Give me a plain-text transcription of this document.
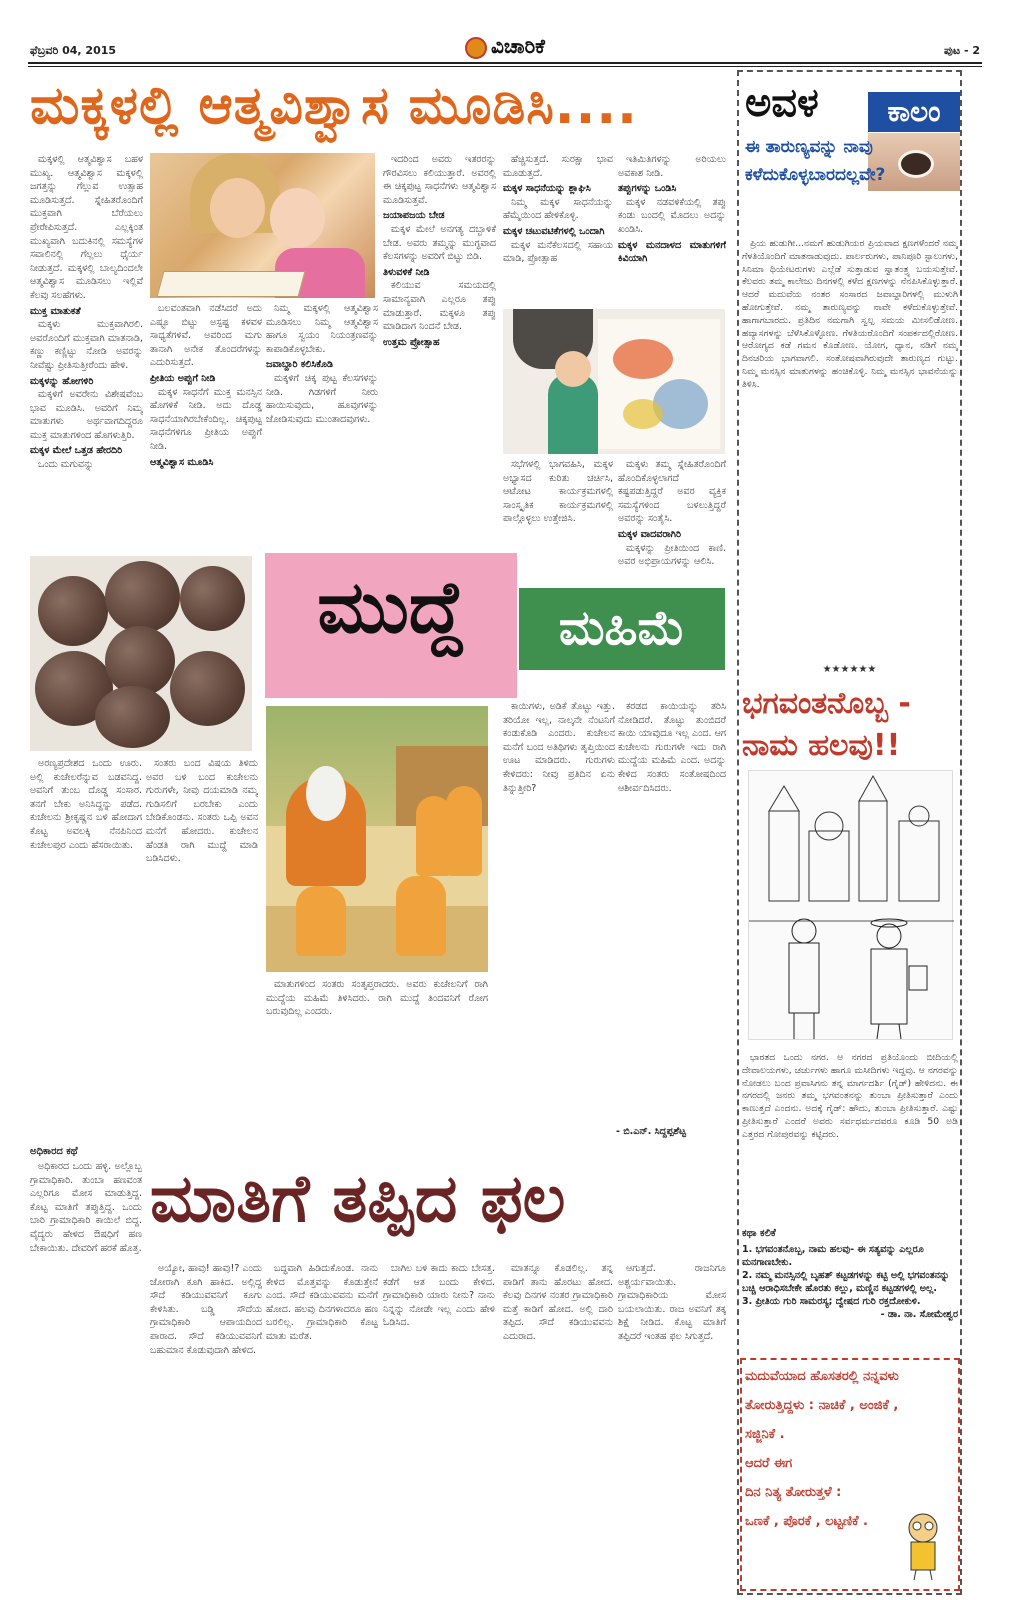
ಫೆಬ್ರವರಿ 04, 2015	ವಿಚಾರಿಕೆ	ಪುಟ - 2
ಮಕ್ಕಳಲ್ಲಿ ಆತ್ಮವಿಶ್ವಾಸ ಮೂಡಿಸಿ....

ಮಕ್ಕಳಲ್ಲಿ ಆತ್ಮವಿಶ್ವಾಸ ಬಹಳ ಮುಖ್ಯ. ಆತ್ಮವಿಶ್ವಾಸ ಮಕ್ಕಳಲ್ಲಿ ಜಗತ್ತನ್ನು ಗೆಲ್ಲುವ ಉತ್ಸಾಹ ಮೂಡಿಸುತ್ತದೆ. ಸ್ನೇಹಿತರೊಂದಿಗೆ ಮುಕ್ತವಾಗಿ ಬೆರೆಯಲು ಪ್ರೇರೇಪಿಸುತ್ತದೆ. ಎಲ್ಲಕ್ಕಿಂತ ಮುಖ್ಯವಾಗಿ ಬದುಕಿನಲ್ಲಿ ಸಮಸ್ಯೆಗಳ ಸವಾಲಿನಲ್ಲಿ ಗೆಲ್ಲಲು ಧೈರ್ಯ ನೀಡುತ್ತದೆ. ಮಕ್ಕಳಲ್ಲಿ ಬಾಲ್ಯದಿಂದಲೇ ಆತ್ಮವಿಶ್ವಾಸ ಮೂಡಿಸಲು ಇಲ್ಲಿವೆ ಕೆಲವು ಸಲಹೆಗಳು.

ಮುಕ್ತ ಮಾತುಕತೆ

ಮಕ್ಕಳು ಮುಕ್ತವಾಗಿರಲಿ. ಅವರೊಂದಿಗೆ ಮುಕ್ತವಾಗಿ ಮಾತನಾಡಿ, ಕಣ್ಣು ಕಣ್ಣಿಟ್ಟು ನೋಡಿ ಅವರನ್ನು ನೀವೆಷ್ಟು ಪ್ರೀತಿಸುತ್ತೀರೆಂದು ಹೇಳಿ.

ಮಕ್ಕಳನ್ನು ಹೋಗಳಿರಿ

ಮಕ್ಕಳಿಗೆ ಅವರೇನು ವಿಶೇಷವೆಂಬ ಭಾವ ಮೂಡಿಸಿ. ಅವರಿಗೆ ನಿಮ್ಮ ಮಾತುಗಳು ಅರ್ಥವಾಗದಿದ್ದರೂ ಮುಕ್ತ ಮಾತುಗಳಿಂದ ಹೊಗಳುತ್ತಿರಿ.

ಮಕ್ಕಳ ಮೇಲೆ ಒತ್ತಡ ಹೇರದಿರಿ

ಒಂದು ಮಗುವನ್ನು

ಬಲವಂತವಾಗಿ ನಡೆಸಿದರೆ ಅದು ಎಷ್ಟೂ ಬಿಟ್ಟು ಅಸ್ಪಷ್ಟ ಕಳವಳ ಸಾಧ್ಯತೆಗಳಿವೆ. ಅವರಿಂದ ಮಗು ತಾನಾಗಿ ಅನೇಕ ತೊಂದರೆಗಳನ್ನು ಎದುರಿಸುತ್ತದೆ.

ಪ್ರೀತಿಯ ಅಪ್ಪುಗೆ ನೀಡಿ

ಮಕ್ಕಳ ಸಾಧನೆಗೆ ಮುಕ್ತ ಮನಸ್ಸಿನ ಹೊಗಳಿಕೆ ನೀಡಿ. ಅದು ದೊಡ್ಡ ಸಾಧನೆಯಾಗಿರಬೇಕೆಂದಿಲ್ಲ. ಚಿಕ್ಕಪುಟ್ಟ ಸಾಧನೆಗಳಿಗೂ ಪ್ರೀತಿಯ ಅಪ್ಪುಗೆ ನೀಡಿ.

ಆತ್ಮವಿಶ್ವಾಸ ಮೂಡಿಸಿ

ನಿಮ್ಮ ಮಕ್ಕಳಲ್ಲಿ ಆತ್ಮವಿಶ್ವಾಸ ಮೂಡಿಸಲು ನಿಮ್ಮ ಆತ್ಮವಿಶ್ವಾಸ ಹಾಗೂ ಸ್ವಯಂ ನಿಯಂತ್ರಣವನ್ನು ಕಾಪಾಡಿಕೊಳ್ಳಬೇಕು.

ಜವಾಬ್ದಾರಿ ಕಲಿಸಿಕೊಡಿ

ಮಕ್ಕಳಿಗೆ ಚಿಕ್ಕ ಪುಟ್ಟ ಕೆಲಸಗಳನ್ನು ನೀಡಿ. ಗಿಡಗಳಿಗೆ ನೀರು ಹಾಯಿಸುವುದು, ಹೂವುಗಳನ್ನು ಜೋಡಿಸುವುದು ಮುಂತಾದವುಗಳು.

ಇದರಿಂದ ಅವರು ಇತರರನ್ನು ಗೌರವಿಸಲು ಕಲಿಯುತ್ತಾರೆ. ಅವರಲ್ಲಿ ಈ ಚಿಕ್ಕಪುಟ್ಟ ಸಾಧನೆಗಳು ಆತ್ಮವಿಶ್ವಾಸ ಮೂಡಿಸುತ್ತವೆ.

ಜಯಾಪಜಯ ಬೇಡ

ಮಕ್ಕಳ ಮೇಲೆ ಅನಗತ್ಯ ದಬ್ಬಾಳಿಕೆ ಬೇಡ. ಅವರು ತಮ್ಮನ್ನು ಮುಗ್ಧವಾದ ಕೆಲಸಗಳನ್ನು ಅವರಿಗೆ ಬಿಟ್ಟು ಬಿಡಿ.

ತಿಳುವಳಿಕೆ ನೀಡಿ

ಕಲಿಯುವ ಸಮಯದಲ್ಲಿ ಸಾಮಾನ್ಯವಾಗಿ ಎಲ್ಲರೂ ತಪ್ಪು ಮಾಡುತ್ತಾರೆ. ಮಕ್ಕಳೂ ತಪ್ಪು ಮಾಡಿದಾಗ ನಿಂದನೆ ಬೇಡ.

ಉತ್ತಮ ಪ್ರೋತ್ಸಾಹ

ಹೆಚ್ಚಿಸುತ್ತದೆ. ಸುರಕ್ಷಾ ಭಾವ ಮೂಡುತ್ತದೆ.

ಮಕ್ಕಳ ಸಾಧನೆಯನ್ನು ಶ್ಲಾಘಿಸಿ

ನಿಮ್ಮ ಮಕ್ಕಳ ಸಾಧನೆಯನ್ನು ಹೆಮ್ಮೆಯಿಂದ ಹೇಳಿಕೊಳ್ಳಿ.

ಮಕ್ಕಳ ಚಟುವಟಿಕೆಗಳಲ್ಲಿ ಒಂದಾಗಿ

ಮಕ್ಕಳ ಮನೆಕೆಲಸದಲ್ಲಿ ಸಹಾಯ ಮಾಡಿ, ಪ್ರೋತ್ಸಾಹ

ಸಭೆಗಳಲ್ಲಿ ಭಾಗವಹಿಸಿ, ಮಕ್ಕಳ ಅಭ್ಯಾಸದ ಕುರಿತು ಚರ್ಚಿಸಿ, ಆಟೋಟ ಕಾರ್ಯಕ್ರಮಗಳಲ್ಲಿ ಸಾಂಸ್ಕೃತಿಕ ಕಾರ್ಯಕ್ರಮಗಳಲ್ಲಿ ಪಾಲ್ಗೊಳ್ಳಲು ಉತ್ತೇಜಿಸಿ.

ಇತಿಮಿತಿಗಳನ್ನು ಅರಿಯಲು ಅವಕಾಶ ನೀಡಿ.

ತಪ್ಪುಗಳನ್ನು ಒಂಡಿಸಿ

ಮಕ್ಕಳ ನಡವಳಿಕೆಯಲ್ಲಿ ತಪ್ಪು ಕಂಡು ಬಂದಲ್ಲಿ ಮೊದಲು ಅದನ್ನು ಖಂಡಿಸಿ.

ಮಕ್ಕಳ ಮನದಾಳದ ಮಾತುಗಳಿಗೆ ಕಿವಿಯಾಗಿ

ಮಕ್ಕಳು ತಮ್ಮ ಸ್ನೇಹಿತರೊಂದಿಗೆ ಹೊಂದಿಕೊಳ್ಳಲಾಗದೆ ಕಷ್ಟಪಡುತ್ತಿದ್ದರೆ ಅವರ ವ್ಯಕ್ತಿಕ ಸಮಸ್ಯೆಗಳಿಂದ ಬಳಲುತ್ತಿದ್ದರೆ ಅವರನ್ನು ಸಂತೈಸಿ.

ಮಕ್ಕಳ ವಾದವರಾಗಿರಿ

ಮಕ್ಕಳನ್ನು ಪ್ರೀತಿಯಿಂದ ಕಾಣಿ. ಅವರ ಅಭಿಪ್ರಾಯಗಳನ್ನು ಆಲಿಸಿ.

ಮುದ್ದೆ	ಮಹಿಮೆ

ಅರಣ್ಯಪ್ರದೇಶದ ಒಂದು ಊರು. ಅಲ್ಲಿ ಕುಚೇಲರೆನ್ನುವ ಬಡವನಿದ್ದ. ಅವನಿಗೆ ತುಂಬ ದೊಡ್ಡ ಸಂಸಾರ. ತನಗೆ ಬೇಕು ಅನಿಸಿದ್ದನ್ನು ಪಡೆದ. ಕುಚೇಲನು ಶ್ರೀಕೃಷ್ಣನ ಬಳಿ ಹೋದಾಗ ಕೊಟ್ಟ ಅವಲಕ್ಕಿ ನೆನಪಿನಿಂದ ಕುಚೇಲಪುರ ಎಂದು ಹೆಸರಾಯಿತು.

ಸಂತರು ಬಂದ ವಿಷಯ ತಿಳಿದು ಅವರ ಬಳಿ ಬಂದ ಕುಚೇಲನು ಗುರುಗಳೇ, ನೀವು ದಯಮಾಡಿ ನಮ್ಮ ಗುಡಿಸಲಿಗೆ ಬರಬೇಕು ಎಂದು ಬೇಡಿಕೊಂಡನು. ಸಂತರು ಒಪ್ಪಿ ಅವನ ಮನೆಗೆ ಹೋದರು. ಕುಚೇಲನ ಹೆಂಡತಿ ರಾಗಿ ಮುದ್ದೆ ಮಾಡಿ ಬಡಿಸಿದಳು.

ಮಾತುಗಳಿಂದ ಸಂತರು ಸಂತೃಪ್ತರಾದರು. ಅವರು ಕುಚೇಲನಿಗೆ ರಾಗಿ ಮುದ್ದೆಯ ಮಹಿಮೆ ತಿಳಿಸಿದರು. ರಾಗಿ ಮುದ್ದೆ ತಿಂದವನಿಗೆ ರೋಗ ಬರುವುದಿಲ್ಲ ಎಂದರು.

ಕಾಯಿಗಳು, ಅಡಿಕೆ ತೊಟ್ಟು ಇತ್ತು. ತರಿಯೋ ಇಲ್ಲ, ನಾಲ್ಕನೇ ನೆಂಟನಿಗೆ ಕಂಡುಕೊಡಿ ಎಂದರು. ಕುಚೇಲನ ಮನೆಗೆ ಬಂದ ಅತಿಥಿಗಳು ತೃಪ್ತಿಯಿಂದ ಊಟ ಮಾಡಿದರು. ಗುರುಗಳು ಕೇಳಿದರು: ನೀವು ಪ್ರತಿದಿನ ಏನು ತಿನ್ನುತ್ತೀರಿ?

ಕರಡದ ಕಾಯಿಯನ್ನು ತರಿಸಿ ನೋಡಿದರೆ. ತೊಟ್ಟು ತುಂಬಿದರೆ ಕಾಯಿ ಯಾವುದೂ ಇಲ್ಲ ಎಂದ. ಆಗ ಕುಚೇಲನು ಗುರುಗಳೇ ಇದು ರಾಗಿ ಮುದ್ದೆಯ ಮಹಿಮೆ ಎಂದ. ಅದನ್ನು ಕೇಳಿದ ಸಂತರು ಸಂತೋಷದಿಂದ ಆಶೀರ್ವದಿಸಿದರು.

- ಬಿ.ಎನ್. ಸಿದ್ದಪ್ಪಶೆಟ್ಟ
ಅಧಿಕಾರದ ಕಥೆ
ಮಾತಿಗೆ ತಪ್ಪಿದ ಫಲ

ಅಧಿಕಾರದ ಒಂದು ಹಳ್ಳಿ. ಅಲ್ಲೊಬ್ಬ ಗ್ರಾಮಾಧಿಕಾರಿ. ತುಂಬಾ ಹಣವಂತ ಎಲ್ಲರಿಗೂ ಮೋಸ ಮಾಡುತ್ತಿದ್ದ. ಕೊಟ್ಟ ಮಾತಿಗೆ ತಪ್ಪುತ್ತಿದ್ದ. ಒಂದು ಬಾರಿ ಗ್ರಾಮಾಧಿಕಾರಿ ಕಾಯಿಲೆ ಬಿದ್ದ. ವೈದ್ಯರು ಹೇಳಿದ ಔಷಧಿಗೆ ಹಣ ಬೇಕಾಯಿತು. ದೇವರಿಗೆ ಹರಕೆ ಹೊತ್ತ.

ಅಯ್ಯೋ, ಹಾವು! ಹಾವು!? ಎಂದು ಜೋರಾಗಿ ಕೂಗಿ ಹಾಕಿದ. ಅಲ್ಲಿದ್ದ ಸೌದೆ ಕಡಿಯುವವನಿಗೆ ಕೂಗು ಕೇಳಿಸಿತು. ಬಡ್ಡಿ ಸೌದೆಯ ಗ್ರಾಮಾಧಿಕಾರಿ ಆಪಾಯದಿಂದ ಪಾರಾದ. ಸೌದೆ ಕಡಿಯುವವನಿಗೆ ಬಹುಮಾನ ಕೊಡುವುದಾಗಿ ಹೇಳಿದ.

ಬದ್ಧವಾಗಿ ಹಿಡಿದುಕೊಂಡ. ನಾನು ಕೇಳಿದ ಮೊತ್ತವನ್ನು ಕೊಡುತ್ತೇನೆ ಎಂದ. ಸೌದೆ ಕಡಿಯುವವನು ಮನೆಗೆ ಹೋದ. ಹಲವು ದಿನಗಳಾದರೂ ಹಣ ಬರಲಿಲ್ಲ. ಗ್ರಾಮಾಧಿಕಾರಿ ಕೊಟ್ಟ ಮಾತು ಮರೆತ.

ಬಾಗಿಲ ಬಳಿ ಕಾದು ಕಾದು ಬೇಸತ್ತ. ಕಡೆಗೆ ಆತ ಬಂದು ಕೇಳಿದ. ಗ್ರಾಮಾಧಿಕಾರಿ ಯಾರು ನೀನು? ನಾನು ನಿನ್ನನ್ನು ನೋಡೇ ಇಲ್ಲ ಎಂದು ಹೇಳಿ ಓಡಿಸಿದ.

ಮಾತನ್ನೂ ಕೊಡಲಿಲ್ಲ. ತನ್ನ ಪಾಡಿಗೆ ತಾನು ಹೊರಟು ಹೋದ. ಕೆಲವು ದಿನಗಳ ನಂತರ ಗ್ರಾಮಾಧಿಕಾರಿ ಮತ್ತೆ ಕಾಡಿಗೆ ಹೋದ. ಅಲ್ಲಿ ದಾರಿ ತಪ್ಪಿದ. ಸೌದೆ ಕಡಿಯುವವನು ಎದುರಾದ.

ಆಗುತ್ತದೆ. ರಾಜನಿಗೂ ಅಶ್ಚರ್ಯವಾಯಿತು. ಗ್ರಾಮಾಧಿಕಾರಿಯ ಮೋಸ ಬಯಲಾಯಿತು. ರಾಜ ಅವನಿಗೆ ತಕ್ಕ ಶಿಕ್ಷೆ ನೀಡಿದ. ಕೊಟ್ಟ ಮಾತಿಗೆ ತಪ್ಪಿದರೆ ಇಂತಹ ಫಲ ಸಿಗುತ್ತದೆ.

ಅವಳ	ಕಾಲಂ
ಈ ತಾರುಣ್ಯವನ್ನು ನಾವು ಕಳೆದುಕೊಳ್ಳಬಾರದಲ್ಲವೇ?

ಪ್ರಿಯ ಹುಡುಗೀ...ನಮಗೆ ಹುಡುಗಿಯರ ಪ್ರಿಯವಾದ ಕ್ಷಣಗಳೆಂದರೆ ನಮ್ಮ ಗೆಳತಿಯೊಂದಿಗೆ ಮಾತನಾಡುವುದು. ಪಾರ್ಲರುಗಳು, ಪಾನಿಪೂರಿ ಸ್ಟಾಲುಗಳು, ಸಿನಿಮಾ ಥಿಯೇಟರುಗಳು ಎಲ್ಲೆಡೆ ಸುತ್ತಾಡುವ ಸ್ವಾತಂತ್ರ್ಯ ಬಯಸುತ್ತೇವೆ. ಕೆಲವರು ತಮ್ಮ ಕಾಲೇಜು ದಿನಗಳಲ್ಲಿ ಕಳೆದ ಕ್ಷಣಗಳನ್ನು ನೆನಪಿಸಿಕೊಳ್ಳುತ್ತಾರೆ. ಆದರೆ ಮದುವೆಯ ನಂತರ ಸಂಸಾರದ ಜವಾಬ್ದಾರಿಗಳಲ್ಲಿ ಮುಳುಗಿ ಹೋಗುತ್ತೇವೆ. ನಮ್ಮ ತಾರುಣ್ಯವನ್ನು ನಾವೇ ಕಳೆದುಕೊಳ್ಳುತ್ತೇವೆ. ಹಾಗಾಗಬಾರದು. ಪ್ರತಿದಿನ ನಮಗಾಗಿ ಸ್ವಲ್ಪ ಸಮಯ ಮೀಸಲಿಡೋಣ. ಹವ್ಯಾಸಗಳನ್ನು ಬೆಳೆಸಿಕೊಳ್ಳೋಣ. ಗೆಳತಿಯರೊಂದಿಗೆ ಸಂಪರ್ಕದಲ್ಲಿರೋಣ. ಆರೋಗ್ಯದ ಕಡೆ ಗಮನ ಕೊಡೋಣ. ಯೋಗ, ಧ್ಯಾನ, ನಡಿಗೆ ನಮ್ಮ ದಿನಚರಿಯ ಭಾಗವಾಗಲಿ. ಸಂತೋಷವಾಗಿರುವುದೇ ತಾರುಣ್ಯದ ಗುಟ್ಟು. ನಿಮ್ಮ ಮನಸ್ಸಿನ ಮಾತುಗಳನ್ನು ಹಂಚಿಕೊಳ್ಳಿ. ನಿಮ್ಮ ಮನಸ್ಸಿನ ಭಾವನೆಯನ್ನು ತಿಳಿಸಿ.

★★★★★★
ಭಗವಂತನೊಬ್ಬ - ನಾಮ ಹಲವು!!

ಭಾರತದ ಒಂದು ನಗರ. ಆ ನಗರದ ಪ್ರತಿಯೊಂದು ಬೀದಿಯಲ್ಲಿ ದೇವಾಲಯಗಳು, ಚರ್ಚುಗಳು ಹಾಗೂ ಮಸೀದಿಗಳು ಇದ್ದವು. ಆ ನಗರವನ್ನು ನೋಡಲು ಬಂದ ಪ್ರವಾಸಿಗನು ತನ್ನ ಮಾರ್ಗದರ್ಶಿ (ಗೈಡ್) ಹೇಳಿದನು. ಈ ನಗರದಲ್ಲಿ ಜನರು ತಮ್ಮ ಭಗವಂತನನ್ನು ತುಂಬಾ ಪ್ರೀತಿಸುತ್ತಾರೆ ಎಂದು ಕಾಣುತ್ತದೆ ಎಂದನು. ಅದಕ್ಕೆ ಗೈಡ್: ಹೌದು, ತುಂಬಾ ಪ್ರೀತಿಸುತ್ತಾರೆ. ಎಷ್ಟು ಪ್ರೀತಿಸುತ್ತಾರೆ ಎಂದರೆ ಅವರು ಸರ್ವಧರ್ಮದವರೂ ಕೂಡಿ 50 ಅಡಿ ಎತ್ತರದ ಗೋಪುರವನ್ನು ಕಟ್ಟಿದರು.

ಕಥಾ ಕಲಿಕೆ
1. ಭಗವಂತನೊಬ್ಬ, ನಾಮ ಹಲವು- ಈ ಸತ್ಯವನ್ನು ಎಲ್ಲರೂ ಮನಗಾಣಬೇಕು.
2. ನಮ್ಮ ಮನಸ್ಸಿನಲ್ಲಿ ಬೃಹತ್ ಕಟ್ಟಡಗಳನ್ನು ಕಟ್ಟಿ ಅಲ್ಲಿ ಭಗವಂತನನ್ನು ಬಚ್ಚಿ ಆರಾಧಿಸಬೇಕೇ ಹೊರತು ಕಲ್ಲು, ಮಣ್ಣಿನ ಕಟ್ಟಡಗಳಲ್ಲಿ ಅಲ್ಲ.
3. ಪ್ರೀತಿಯ ಗುರಿ ಸಾಮರಸ್ಯ; ದ್ವೇಷದ ಗುರಿ ರಕ್ತದೋಕುಳಿ.
- ಡಾ. ನಾ. ಸೋಮೇಶ್ವರ
ಮದುವೆಯಾದ ಹೊಸತರಲ್ಲಿ ನನ್ನವಳು
ತೋರುತ್ತಿದ್ದಳು : ನಾಚಿಕೆ , ಅಂಜಿಕೆ ,
ಸಜ್ಜಿನಿಕೆ .
ಆದರೆ ಈಗ
ದಿನ ನಿತ್ಯ ತೋರುತ್ತಳೆ :
ಒಣಕೆ , ಪೊರಕೆ , ಲಟ್ಟಣಿಕೆ .
